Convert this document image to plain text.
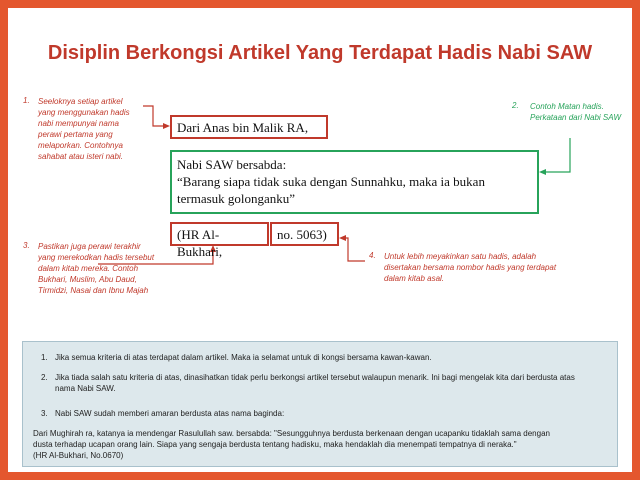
Disiplin Berkongsi Artikel Yang Terdapat Hadis Nabi SAW
1. Seeloknya setiap artikel yang menggunakan hadis nabi mempunyai nama perawi pertama yang melaporkan. Contohnya sahabat atau isteri nabi.
2. Contoh Matan hadis. Perkataan dari Nabi SAW
3. Pastikan juga perawi terakhir yang merekodkan hadis tersebut dalam kitab mereka. Contoh Bukhari, Muslim, Abu Daud, Tirmidzi, Nasai dan Ibnu Majah
4. Untuk lebih meyakinkan satu hadis, adalah disertakan bersama nombor hadis yang terdapat dalam kitab asal.
Dari Anas bin Malik RA,
Nabi SAW bersabda:
“Barang siapa tidak suka dengan Sunnahku, maka ia bukan
termasuk golonganku”
(HR Al-Bukhari,
no. 5063)
1. Jika semua kriteria di atas terdapat dalam artikel. Maka ia selamat untuk di kongsi bersama kawan-kawan.
2. Jika tiada salah satu kriteria di atas, dinasihatkan tidak perlu berkongsi artikel tersebut walaupun menarik. Ini bagi mengelak kita dari berdusta atas nama Nabi SAW.
3. Nabi SAW sudah memberi amaran berdusta atas nama baginda:
Dari Mughirah ra, katanya ia mendengar Rasulullah saw. bersabda: "Sesungguhnya berdusta berkenaan dengan ucapanku tidaklah sama dengan
dusta terhadap ucapan orang lain. Siapa yang sengaja berdusta tentang hadisku, maka hendaklah dia menempati tempatnya di neraka."
(HR Al-Bukhari, No.0670)
